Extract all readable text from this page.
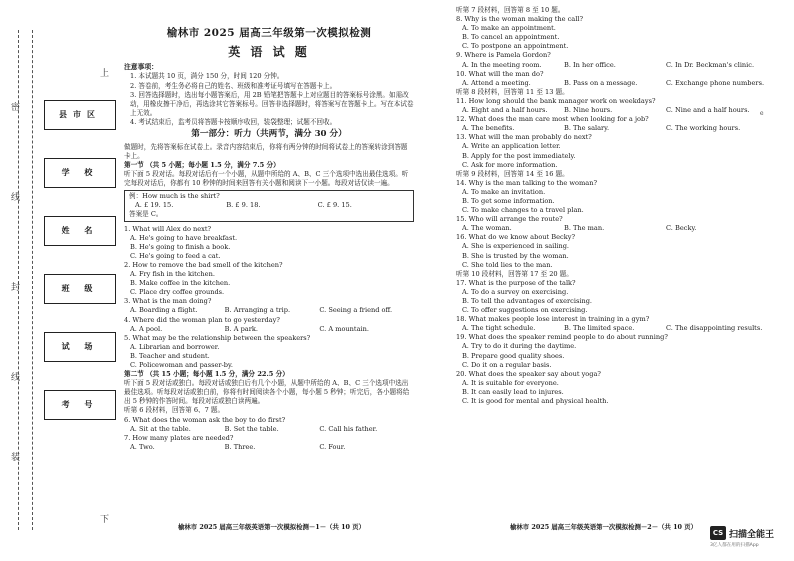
密
线
封
线
装
上
下
县市区
学 校
姓 名
班 级
试 场
考 号
榆林市 2025 届高三年级第一次模拟检测
英 语 试 题
注意事项：
1. 本试题共 10 页，满分 150 分，时间 120 分钟。
2. 答卷前，考生务必将自己的姓名、班级和准考证号填写在答题卡上。
3. 回答选择题时，选出每小题答案后，用 2B 铅笔把答题卡上对应题目的答案标号涂黑。如需改动，用橡皮擦干净后，再选涂其它答案标号。回答非选择题时，将答案写在答题卡上。写在本试卷上无效。
4. 考试结束后，监考员将答题卡按顺序收回，装袋整理；试题不回收。
第一部分：听力（共两节，满分 30 分）
做题时，先将答案标在试卷上。录音内容结束后，你将有两分钟的时间将试卷上的答案转涂到答题卡上。
第一节 （共 5 小题；每小题 1.5 分，满分 7.5 分）
听下面 5 段对话。每段对话后有一个小题，从题中所给的 A、B、C 三个选项中选出最佳选项。听完每段对话后，你都有 10 秒钟的时间来回答有关小题和阅读下一小题。每段对话仅读一遍。
例：How much is the shirt?
A. £ 19. 15.	B. £ 9. 18.	C. £ 9. 15.
答案是 C。
1. What will Alex do next?
A. He's going to have breakfast.
B. He's going to finish a book.
C. He's going to feed a cat.
2. How to remove the bad smell of the kitchen?
A. Fry fish in the kitchen.
B. Make coffee in the kitchen.
C. Place dry coffee grounds.
3. What is the man doing?
A. Boarding a flight.	B. Arranging a trip.	C. Seeing a friend off.
4. Where did the woman plan to go yesterday?
A. A pool.	B. A park.	C. A mountain.
5. What may be the relationship between the speakers?
A. Librarian and borrower.
B. Teacher and student.
C. Policewoman and passer-by.
第二节 （共 15 小题；每小题 1.5 分，满分 22.5 分）
听下面 5 段对话或独白。每段对话或独白后有几个小题，从题中所给的 A、B、C 三个选项中选出最佳选项。听每段对话或独白前，你将有时间阅读各个小题，每小题 5 秒钟；听完后，各小题将给出 5 秒钟的作答时间。每段对话或独白读两遍。
听第 6 段材料，回答第 6、7 题。
6. What does the woman ask the boy to do first?
A. Sit at the table.	B. Set the table.	C. Call his father.
7. How many plates are needed?
A. Two.	B. Three.	C. Four.
听第 7 段材料，回答第 8 至 10 题。
8. Why is the woman making the call?
A. To make an appointment.
B. To cancel an appointment.
C. To postpone an appointment.
9. Where is Pamela Gordon?
A. In the meeting room.	B. In her office.	C. In Dr. Beckman's clinic.
10. What will the man do?
A. Attend a meeting.	B. Pass on a message.	C. Exchange phone numbers.
听第 8 段材料，回答第 11 至 13 题。
11. How long should the bank manager work on weekdays?
A. Eight and a half hours.	B. Nine hours.	C. Nine and a half hours.
12. What does the man care most when looking for a job?
A. The benefits.	B. The salary.	C. The working hours.
13. What will the man probably do next?
A. Write an application letter.
B. Apply for the post immediately.
C. Ask for more information.
听第 9 段材料，回答第 14 至 16 题。
14. Why is the man talking to the woman?
A. To make an invitation.
B. To get some information.
C. To make changes to a travel plan.
15. Who will arrange the route?
A. The woman.	B. The man.	C. Becky.
16. What do we know about Becky?
A. She is experienced in sailing.
B. She is trusted by the woman.
C. She told lies to the man.
听第 10 段材料，回答第 17 至 20 题。
17. What is the purpose of the talk?
A. To do a survey on exercising.
B. To tell the advantages of exercising.
C. To offer suggestions on exercising.
18. What makes people lose interest in training in a gym?
A. The tight schedule.	B. The limited space.	C. The disappointing results.
19. What does the speaker remind people to do about running?
A. Try to do it during the daytime.
B. Prepare good quality shoes.
C. Do it on a regular basis.
20. What does the speaker say about yoga?
A. It is suitable for everyone.
B. It can easily lead to injures.
C. It is good for mental and physical health.
e
榆林市 2025 届高三年级英语第一次模拟检测－1－（共 10 页）	榆林市 2025 届高三年级英语第一次模拟检测－2－（共 10 页）
CS 扫描全能王
3亿人都在用的扫描App
